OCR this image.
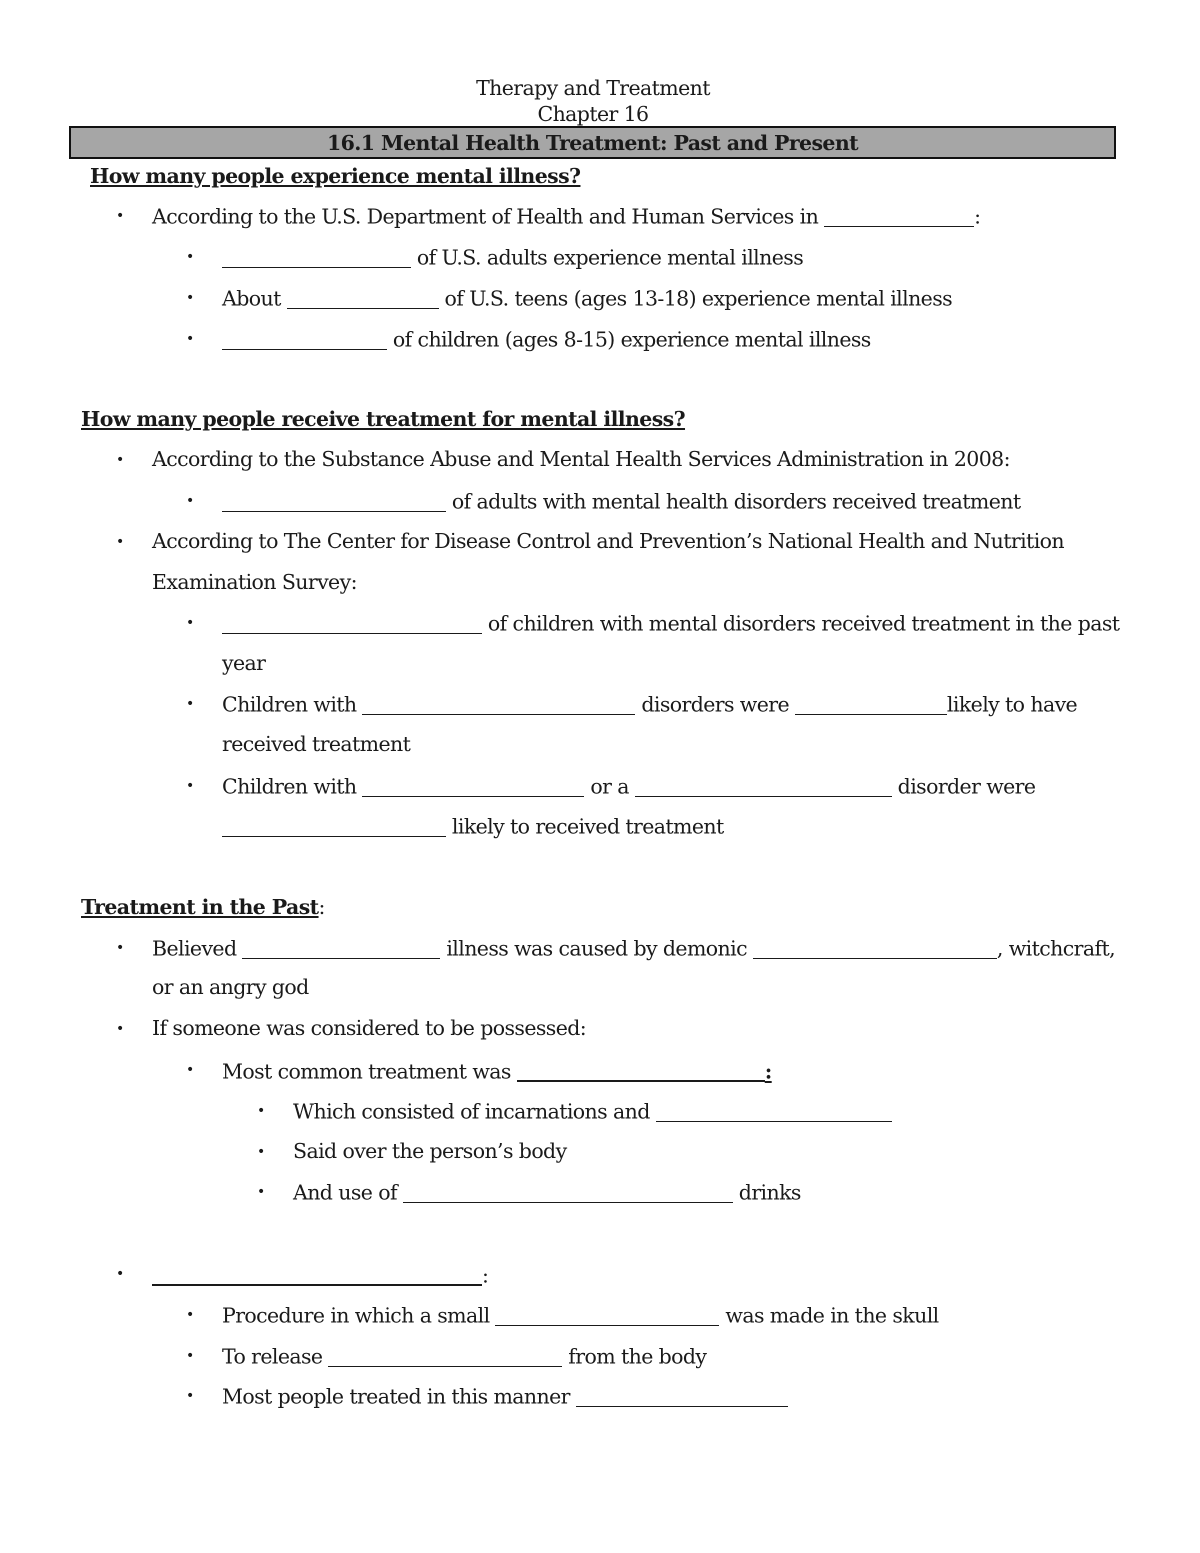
Therapy and Treatment
Chapter 16
16.1 Mental Health Treatment: Past and Present
How many people experience mental illness?
• According to the U.S. Department of Health and Human Services in	:
•	of U.S. adults experience mental illness
• About	of U.S. teens (ages 13-18) experience mental illness
•	of children (ages 8-15) experience mental illness
How many people receive treatment for mental illness?
• According to the Substance Abuse and Mental Health Services Administration in 2008:
•	of adults with mental health disorders received treatment
• According to The Center for Disease Control and Prevention’s National Health and Nutrition
Examination Survey:
•	of children with mental disorders received treatment in the past
year
• Children with	disorders were	likely to have
received treatment
• Children with	or a	disorder were
likely to received treatment
Treatment in the Past:
• Believed	illness was caused by demonic	, witchcraft,
or an angry god
• If someone was considered to be possessed:
• Most common treatment was	:
• Which consisted of incarnations and
• Said over the person’s body
• And use of	drinks
•	:
• Procedure in which a small	was made in the skull
• To release	from the body
• Most people treated in this manner
